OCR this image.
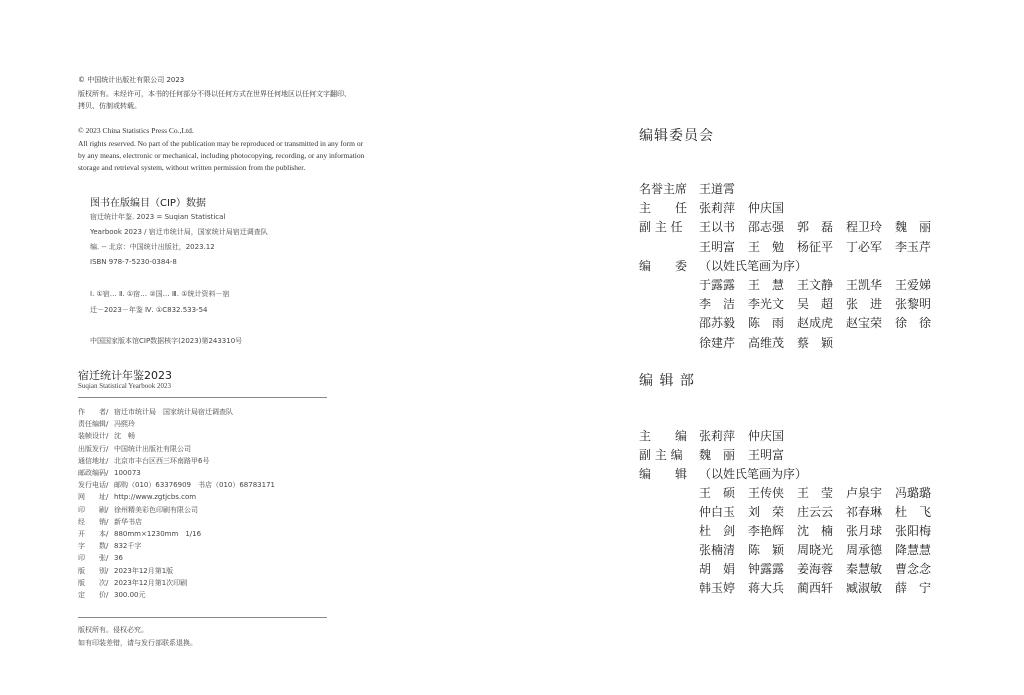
© 中国统计出版社有限公司 2023
版权所有。未经许可，本书的任何部分不得以任何方式在世界任何地区以任何文字翻印、
拷贝、仿制或转载。
© 2023 China Statistics Press Co.,Ltd.
All rights reserved. No part of the publication may be reproduced or transmitted in any form or
by any means, electronic or mechanical, including photocopying, recording, or any information
storage and retrieval system, without written permission from the publisher.
图书在版编目（CIP）数据
宿迁统计年鉴. 2023 = Suqian Statistical
Yearbook 2023 / 宿迁市统计局，国家统计局宿迁调查队
编. -- 北京：中国统计出版社，2023.12
ISBN 978-7-5230-0384-8
Ⅰ. ①宿… Ⅱ. ①宿… ②国… Ⅲ. ①统计资料－宿
迁－2023－年鉴 Ⅳ. ①C832.533-54
中国国家版本馆CIP数据核字(2023)第243310号
宿迁统计年鉴2023
Suqian Statistical Yearbook 2023
作　　者/ 宿迁市统计局　国家统计局宿迁调查队
责任编辑/ 冯熙玲
装帧设计/ 沈　畅
出版发行/ 中国统计出版社有限公司
通信地址/ 北京市丰台区西三环南路甲6号
邮政编码/ 100073
发行电话/ 邮购（010）63376909　书店（010）68783171
网　　址/ http://www.zgtjcbs.com
印　　刷/ 徐州精美彩色印刷有限公司
经　　销/ 新华书店
开　　本/ 880mm×1230mm　1/16
字　　数/ 832千字
印　　张/ 36
版　　别/ 2023年12月第1版
版　　次/ 2023年12月第1次印刷
定　　价/ 300.00元
版权所有。侵权必究。
如有印装差错，请与发行部联系退换。
编辑委员会
名誉主席 王道霄
主　　任 张莉萍 仲庆国
副 主 任	王以书 邵志强 郭　磊 程卫玲 魏　丽
王明富 王　勉 杨征平 丁必军 李玉芹
编　　委 （以姓氏笔画为序）
于露露 王　慧 王文静 王凯华 王爱娣
李　洁 李光文 吴　超 张　进 张黎明
邵苏毅 陈　雨 赵成虎 赵宝荣 徐　徐
徐建芹 高维茂 蔡　颖
编 辑 部
主　　编 张莉萍 仲庆国
副 主 编	魏　丽 王明富
编　　辑 （以姓氏笔画为序）
王　硕 王传侠 王　莹 卢泉宇 冯璐璐
仲白玉 刘　荣 庄云云 祁春琳 杜　飞
杜　剑 李艳辉 沈　楠 张月球 张阳梅
张楠清 陈　颖 周晓光 周承德 降慧慧
胡　娟 钟露露 姜海蓉 秦慧敏 曹念念
韩玉婷 蒋大兵 蔺西轩 臧淑敏 薛　宁
